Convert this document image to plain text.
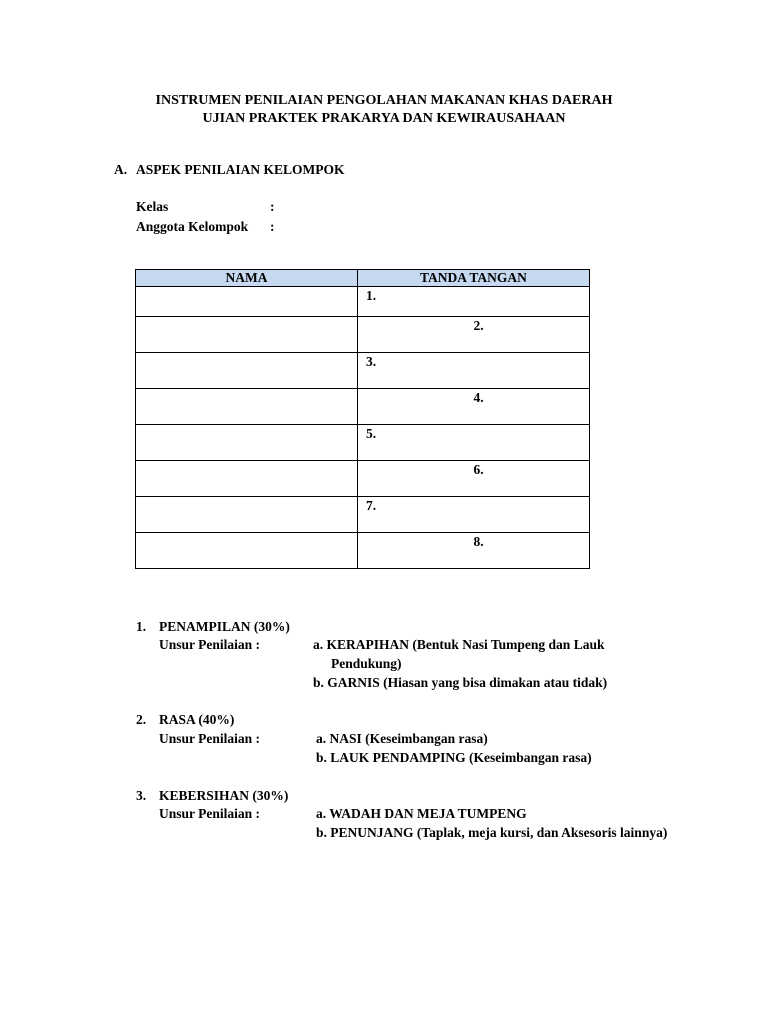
INSTRUMEN PENILAIAN PENGOLAHAN MAKANAN KHAS DAERAH
UJIAN PRAKTEK PRAKARYA DAN KEWIRAUSAHAAN
A. ASPEK PENILAIAN KELOMPOK
Kelas	:
Anggota Kelompok :
NAMA	TANDA TANGAN
	1.
	2.
	3.
	4.
	5.
	6.
	7.
	8.
1. PENAMPILAN (30%)
Unsur Penilaian :	a. KERAPIHAN (Bentuk Nasi Tumpeng dan Lauk
Pendukung)
b. GARNIS (Hiasan yang bisa dimakan atau tidak)
2. RASA (40%)
Unsur Penilaian :	a. NASI (Keseimbangan rasa)
b. LAUK PENDAMPING (Keseimbangan rasa)
3. KEBERSIHAN (30%)
Unsur Penilaian :	a. WADAH DAN MEJA TUMPENG
b. PENUNJANG (Taplak, meja kursi, dan Aksesoris lainnya)
